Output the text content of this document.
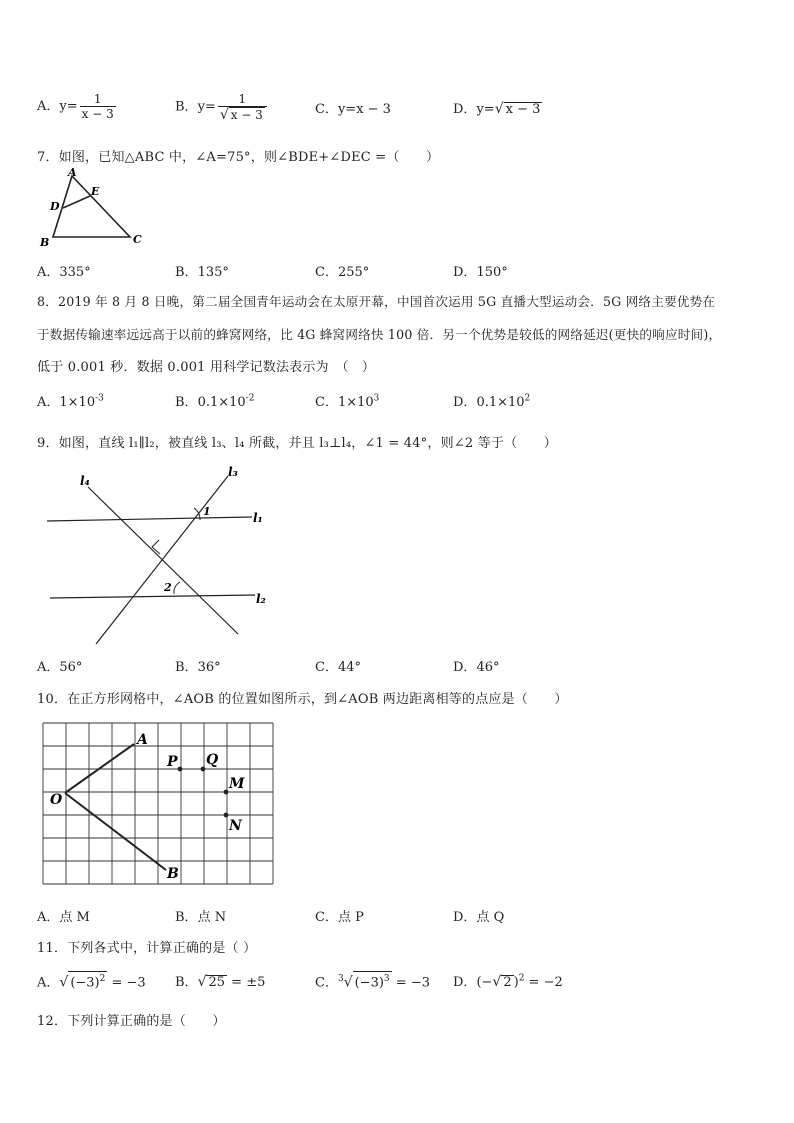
A．$y= \frac{1}{x - 3}$	B．$y= \frac{1}{√ x - 3}$	C．y=x − 3	D．y=√ x − 3
7．如图，已知△ABC 中，∠A=75°，则∠BDE+∠DEC =（　　）
A
B	C
D
E
A．335°	B．135°	C．255°	D．150°
8．2019 年 8 月 8 日晚，第二届全国青年运动会在太原开幕，中国首次运用 5G 直播大型运动会．5G 网络主要优势在
于数据传输速率远远高于以前的蜂窝网络，比 4G 蜂窝网络快 100 倍．另一个优势是较低的网络延迟(更快的响应时间)，
低于 0.001 秒．数据 0.001 用科学记数法表示为　（　）
A．$1\times 10^{-3}$	B．$0.1\times 10^{-2}$	C．$1\times 10^3$	D．$0.1\times 10^2$
9．如图，直线 l₁∥l₂，被直线 l₃、l₄ 所截，并且 l₃⊥l₄，∠1 = 44°，则∠2 等于（　　）
l₄
l₃
l₁
l₂
1
2
A．56°	B．36°	C．44°	D．46°
10．在正方形网格中，∠AOB 的位置如图所示，到∠AOB 两边距离相等的点应是（　　）
O
A
B
P Q
M
N
A．点 M	B．点 N	C．点 P	D．点 Q
11．下列各式中，计算正确的是（ ）
A．√ $(-3)^2 = -3$ B．√ 25 = ±5	C．$^3$√ $(-3)^3 = -3$ D．(−√ 2 )$^2$ = −2
12．下列计算正确的是（　　）
